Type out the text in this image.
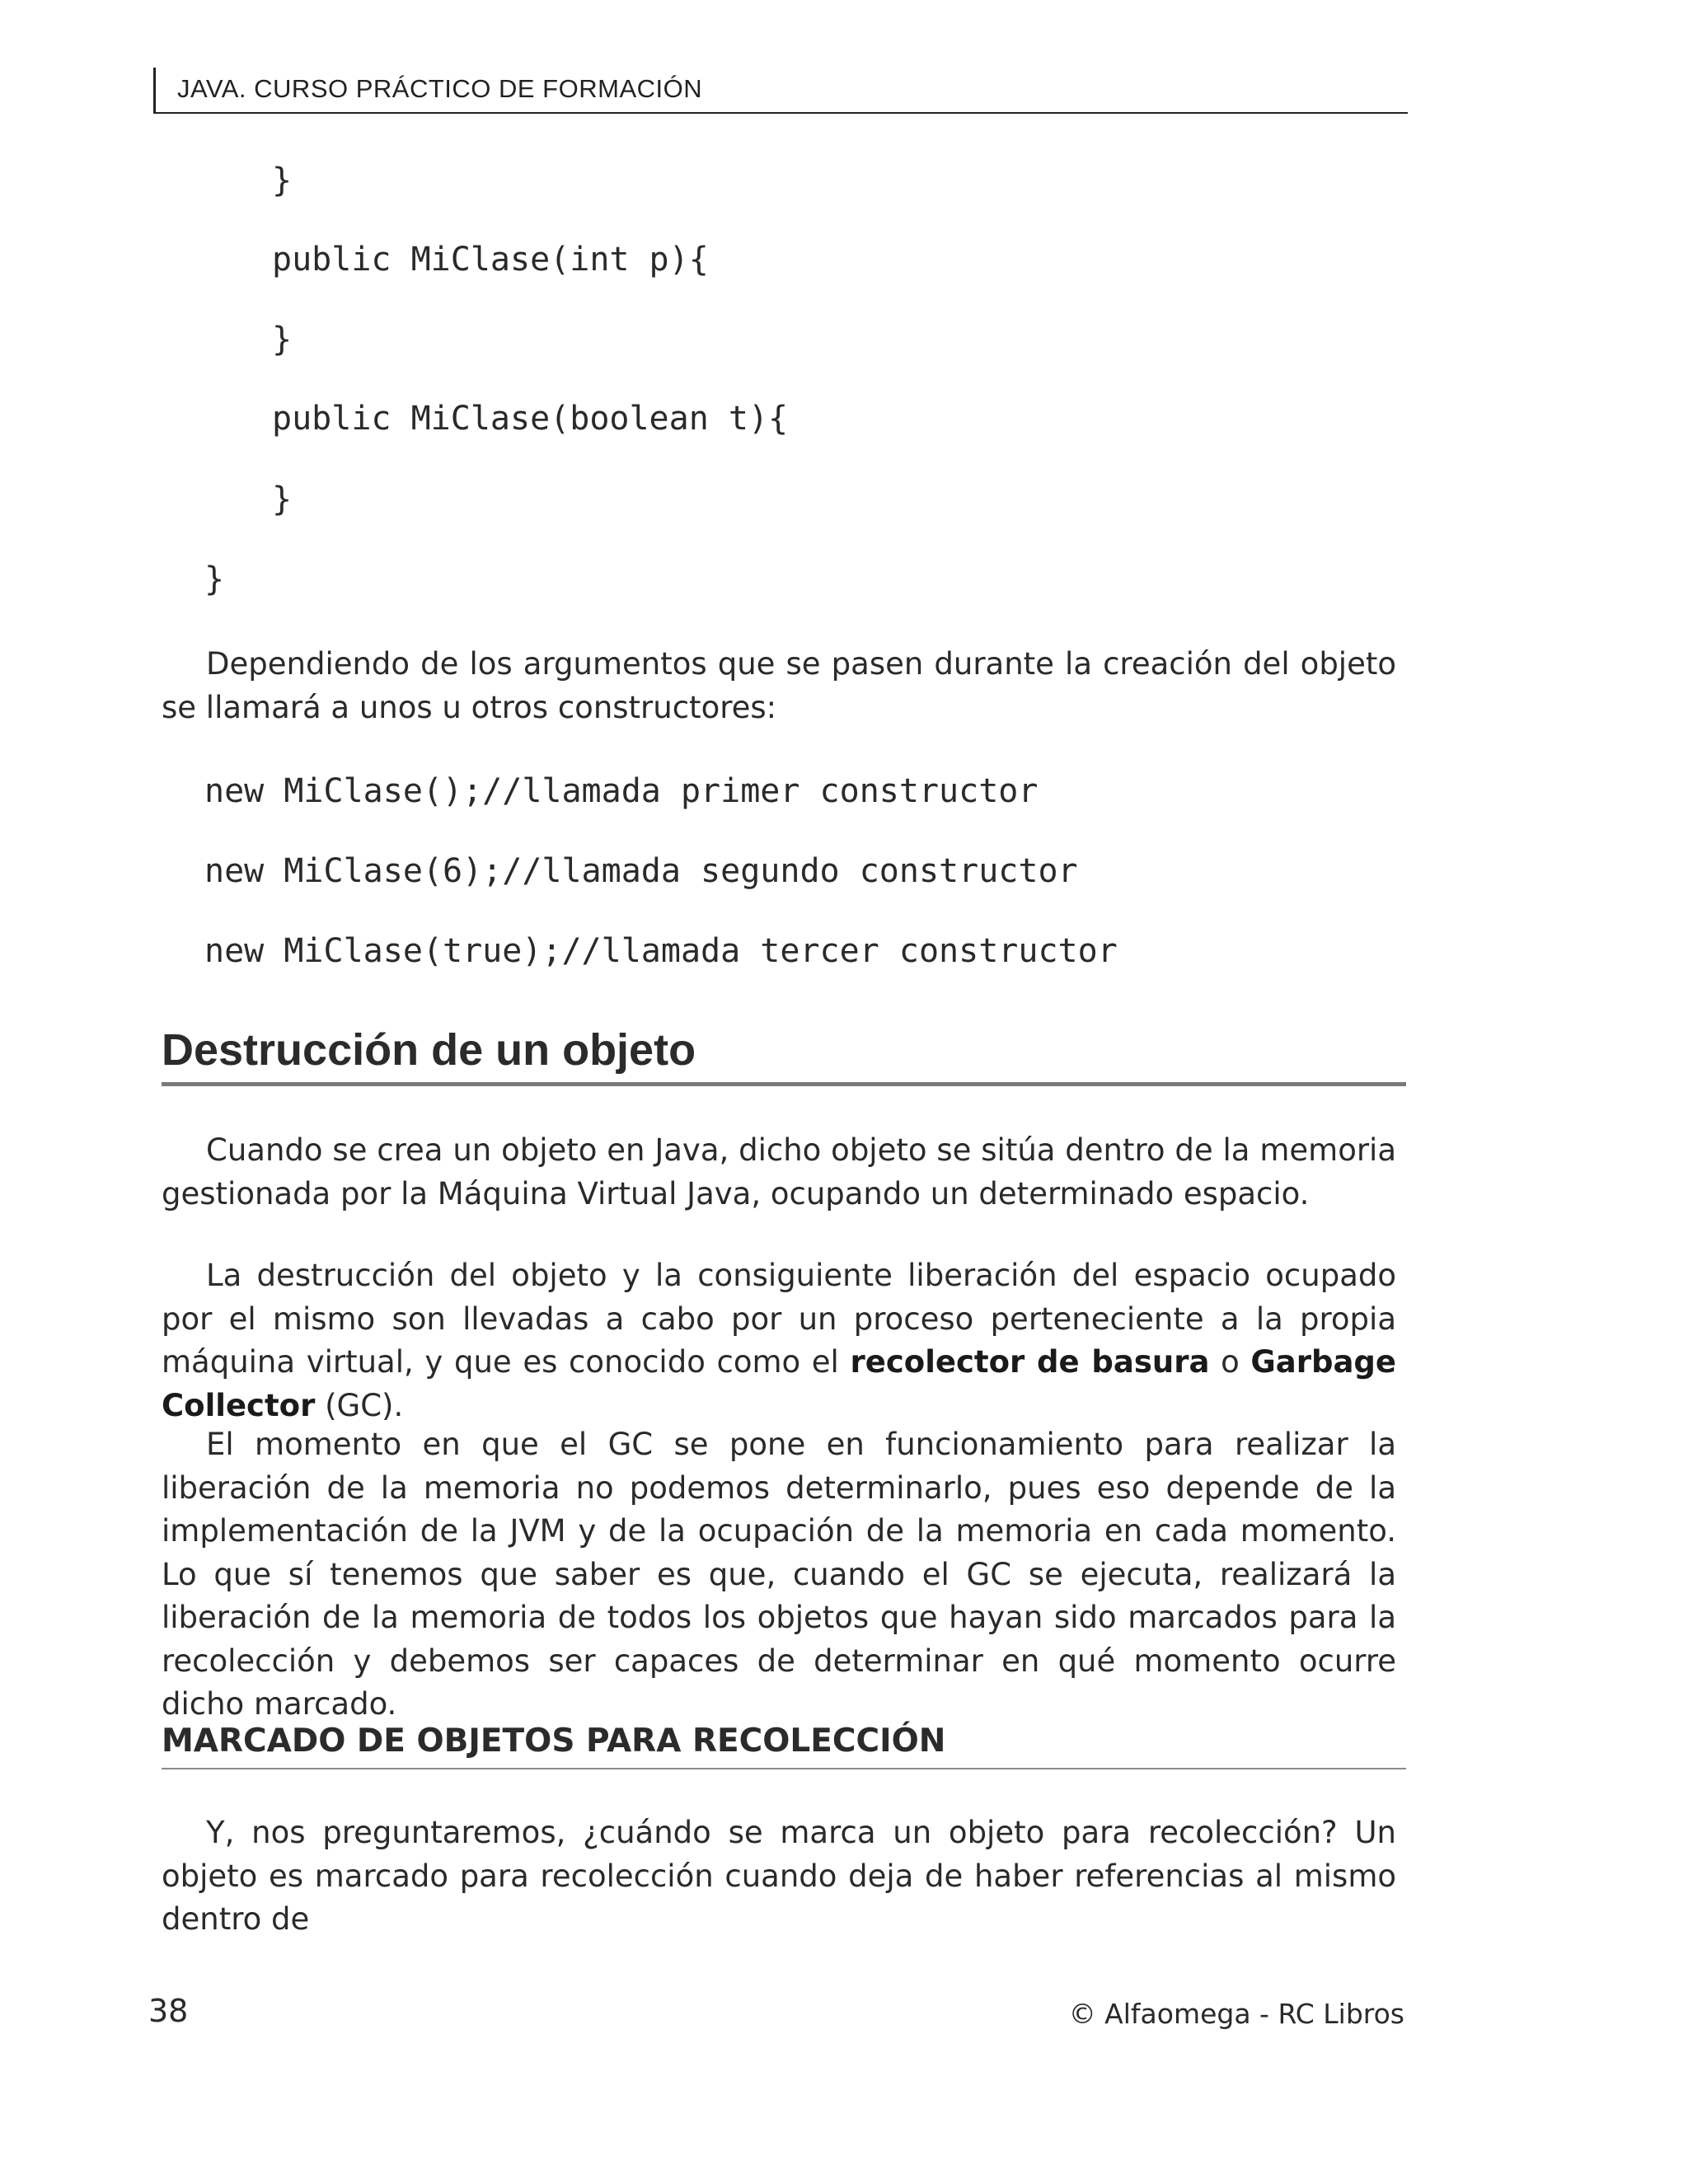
JAVA. CURSO PRÁCTICO DE FORMACIÓN
}
public MiClase(int p){
}
public MiClase(boolean t){
}
}
Dependiendo de los argumentos que se pasen durante la creación del objeto se llamará a unos u otros constructores:
new MiClase();//llamada primer constructor
new MiClase(6);//llamada segundo constructor
new MiClase(true);//llamada tercer constructor
Destrucción de un objeto
Cuando se crea un objeto en Java, dicho objeto se sitúa dentro de la memoria gestionada por la Máquina Virtual Java, ocupando un determinado espacio.
La destrucción del objeto y la consiguiente liberación del espacio ocupado por el mismo son llevadas a cabo por un proceso perteneciente a la propia máquina virtual, y que es conocido como el recolector de basura o Garbage Collector (GC).
El momento en que el GC se pone en funcionamiento para realizar la liberación de la memoria no podemos determinarlo, pues eso depende de la implementación de la JVM y de la ocupación de la memoria en cada momento. Lo que sí tenemos que saber es que, cuando el GC se ejecuta, realizará la liberación de la memoria de todos los objetos que hayan sido marcados para la recolección y debemos ser capaces de determinar en qué momento ocurre dicho marcado.
MARCADO DE OBJETOS PARA RECOLECCIÓN
Y, nos preguntaremos, ¿cuándo se marca un objeto para recolección? Un objeto es marcado para recolección cuando deja de haber referencias al mismo dentro de
38	© Alfaomega - RC Libros
